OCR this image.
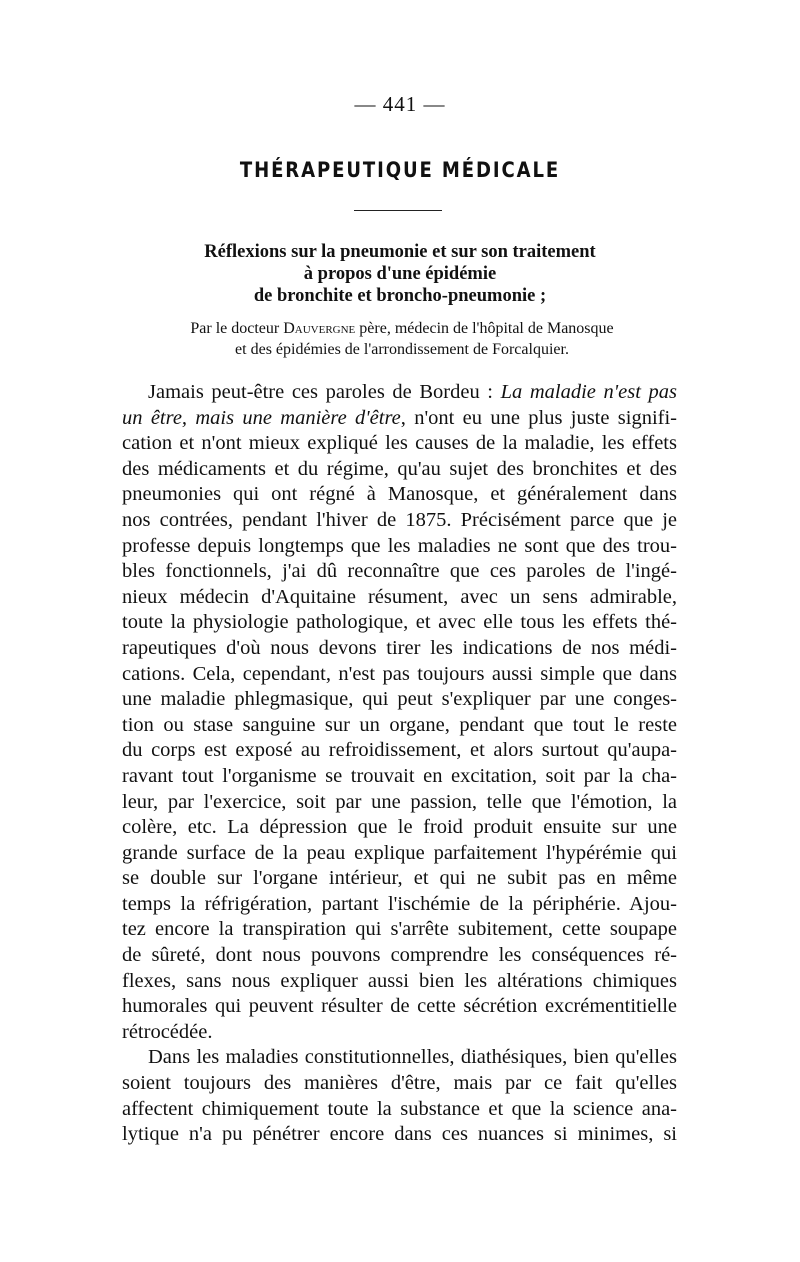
— 441 —
THÉRAPEUTIQUE MÉDICALE
Réflexions sur la pneumonie et sur son traitement
à propos d'une épidémie
de bronchite et broncho-pneumonie ;
Par le docteur Dauvergne père, médecin de l'hôpital de Manosque
et des épidémies de l'arrondissement de Forcalquier.
Jamais peut-être ces paroles de Bordeu : La maladie n'est pas
un être, mais une manière d'être, n'ont eu une plus juste signifi-
cation et n'ont mieux expliqué les causes de la maladie, les effets
des médicaments et du régime, qu'au sujet des bronchites et des
pneumonies qui ont régné à Manosque, et généralement dans
nos contrées, pendant l'hiver de 1875. Précisément parce que je
professe depuis longtemps que les maladies ne sont que des trou-
bles fonctionnels, j'ai dû reconnaître que ces paroles de l'ingé-
nieux médecin d'Aquitaine résument, avec un sens admirable,
toute la physiologie pathologique, et avec elle tous les effets thé-
rapeutiques d'où nous devons tirer les indications de nos médi-
cations. Cela, cependant, n'est pas toujours aussi simple que dans
une maladie phlegmasique, qui peut s'expliquer par une conges-
tion ou stase sanguine sur un organe, pendant que tout le reste
du corps est exposé au refroidissement, et alors surtout qu'aupa-
ravant tout l'organisme se trouvait en excitation, soit par la cha-
leur, par l'exercice, soit par une passion, telle que l'émotion, la
colère, etc. La dépression que le froid produit ensuite sur une
grande surface de la peau explique parfaitement l'hypérémie qui
se double sur l'organe intérieur, et qui ne subit pas en même
temps la réfrigération, partant l'ischémie de la périphérie. Ajou-
tez encore la transpiration qui s'arrête subitement, cette soupape
de sûreté, dont nous pouvons comprendre les conséquences ré-
flexes, sans nous expliquer aussi bien les altérations chimiques
humorales qui peuvent résulter de cette sécrétion excrémentitielle
rétrocédée.
Dans les maladies constitutionnelles, diathésiques, bien qu'elles
soient toujours des manières d'être, mais par ce fait qu'elles
affectent chimiquement toute la substance et que la science ana-
lytique n'a pu pénétrer encore dans ces nuances si minimes, si
